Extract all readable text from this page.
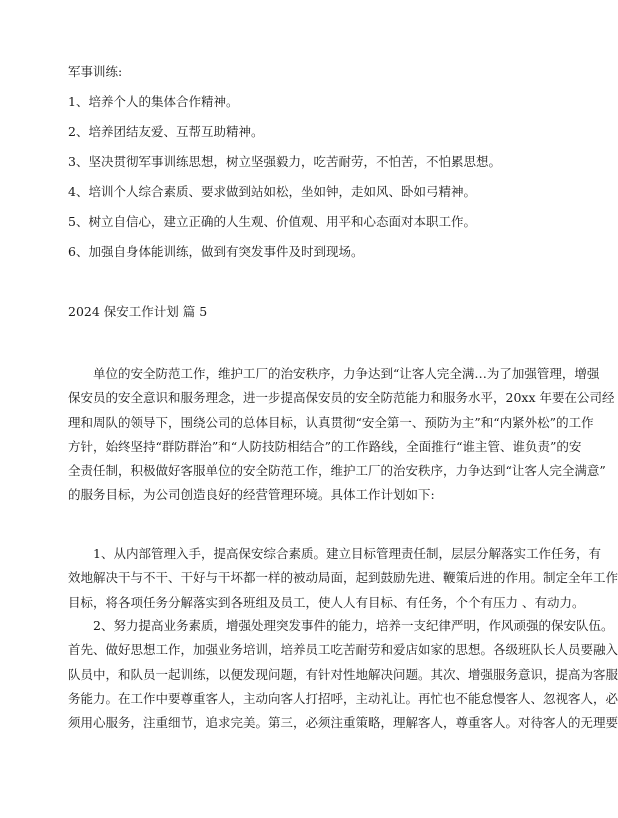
军事训练:
1、培养个人的集体合作精神。
2、培养团结友爱、互帮互助精神。
3、坚决贯彻军事训练思想，树立坚强毅力，吃苦耐劳，不怕苦，不怕累思想。
4、培训个人综合素质、要求做到站如松，坐如钟，走如风、卧如弓精神。
5、树立自信心，建立正确的人生观、价值观、用平和心态面对本职工作。
6、加强自身体能训练，做到有突发事件及时到现场。
2024 保安工作计划 篇 5
单位的安全防范工作，维护工厂的治安秩序，力争达到“让客人完全满…为了加强管理，增强
保安员的安全意识和服务理念，进一步提高保安员的安全防范能力和服务水平，20xx 年要在公司经
理和周队的领导下，围绕公司的总体目标，认真贯彻“安全第一、预防为主”和“内紧外松”的工作
方针，始终坚持“群防群治”和“人防技防相结合”的工作路线，全面推行“谁主管、谁负责”的安
全责任制，积极做好客服单位的安全防范工作，维护工厂的治安秩序，力争达到“让客人完全满意”
的服务目标，为公司创造良好的经营管理环境。具体工作计划如下:
1、从内部管理入手，提高保安综合素质。建立目标管理责任制，层层分解落实工作任务，有
效地解决干与不干、干好与干坏都一样的被动局面，起到鼓励先进、鞭策后进的作用。制定全年工作
目标，将各项任务分解落实到各班组及员工，使人人有目标、有任务，个个有压力 、有动力。
2、努力提高业务素质，增强处理突发事件的能力，培养一支纪律严明，作风顽强的保安队伍。
首先、做好思想工作，加强业务培训，培养员工吃苦耐劳和爱店如家的思想。各级班队长人员要融入
队员中，和队员一起训练，以便发现问题，有针对性地解决问题。其次、增强服务意识，提高为客服
务能力。在工作中要尊重客人，主动向客人打招呼，主动礼让。再忙也不能怠慢客人、忽视客人，必
须用心服务，注重细节，追求完美。第三，必须注重策略，理解客人，尊重客人。对待客人的无理要
